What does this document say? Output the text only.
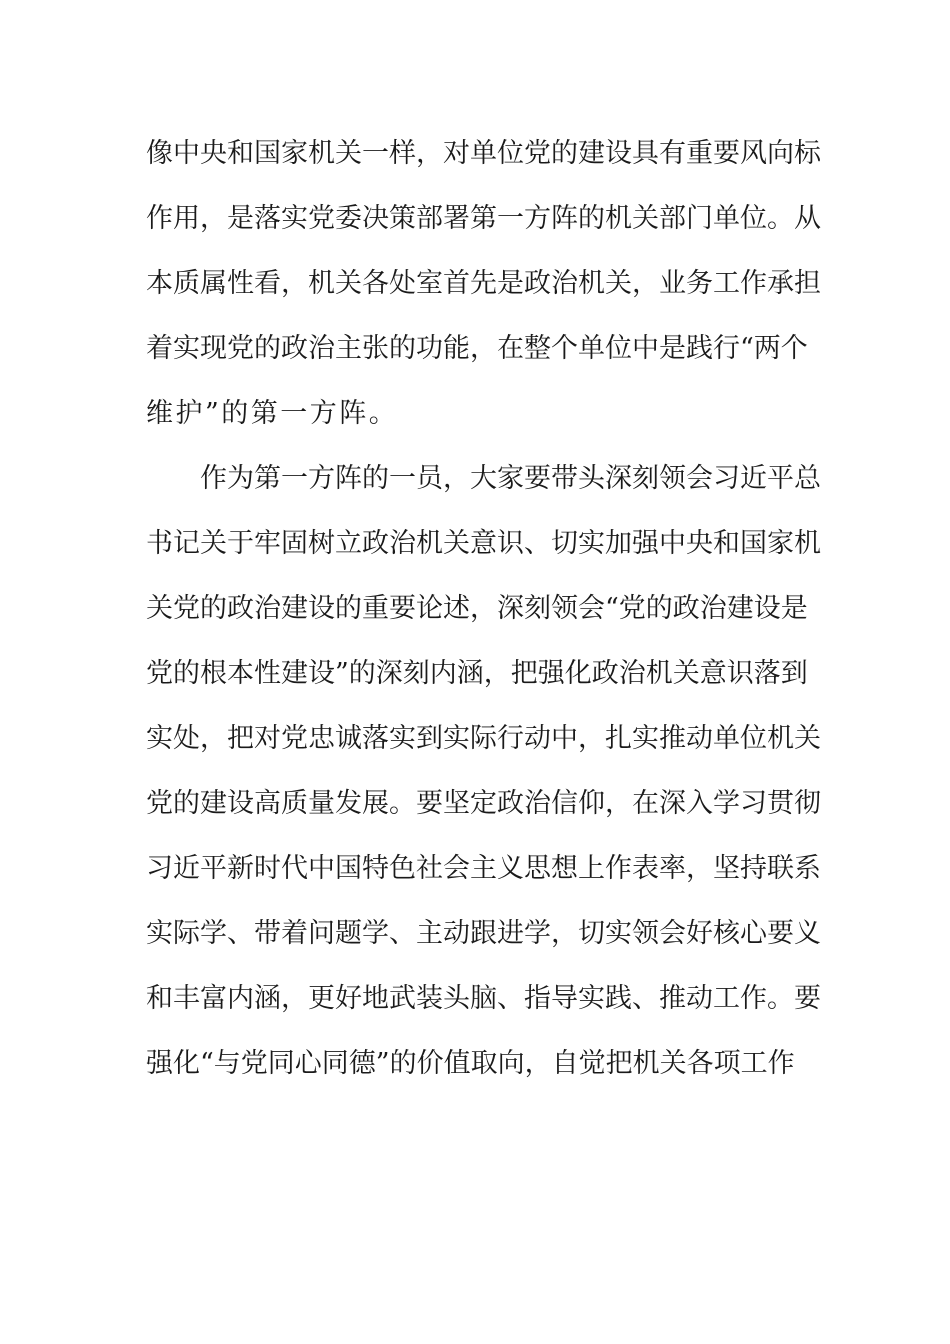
像中央和国家机关一样，对单位党的建设具有重要风向标
作用，是落实党委决策部署第一方阵的机关部门单位。从
本质属性看，机关各处室首先是政治机关，业务工作承担
着实现党的政治主张的功能，在整个单位中是践行“两个
维护”的第一方阵。
作为第一方阵的一员，大家要带头深刻领会习近平总
书记关于牢固树立政治机关意识、切实加强中央和国家机
关党的政治建设的重要论述，深刻领会“党的政治建设是
党的根本性建设”的深刻内涵，把强化政治机关意识落到
实处，把对党忠诚落实到实际行动中，扎实推动单位机关
党的建设高质量发展。要坚定政治信仰，在深入学习贯彻
习近平新时代中国特色社会主义思想上作表率，坚持联系
实际学、带着问题学、主动跟进学，切实领会好核心要义
和丰富内涵，更好地武装头脑、指导实践、推动工作。要
强化“与党同心同德”的价值取向，自觉把机关各项工作
